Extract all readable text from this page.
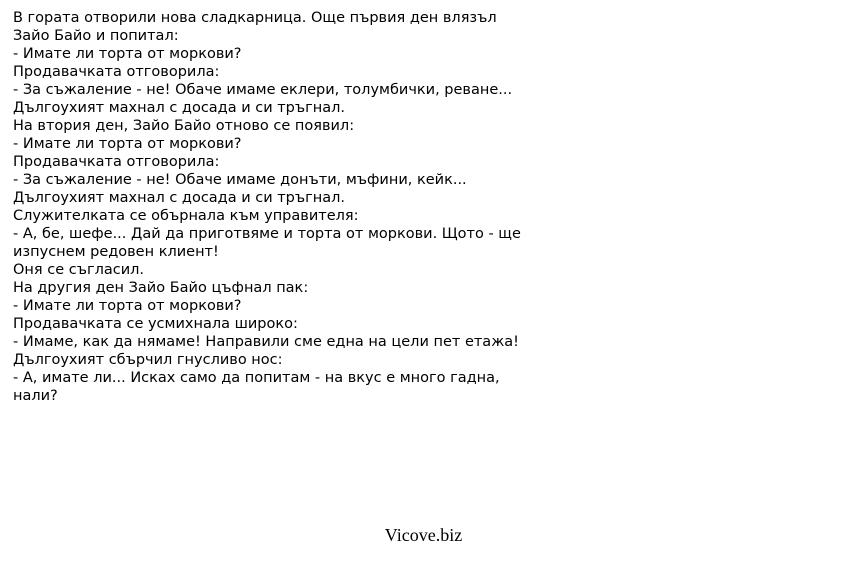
В гората отворили нова сладкарница. Още първия ден влязъл
Зайо Байо и попитал:
- Имате ли торта от моркови?
Продавачката отговорила:
- За съжаление - не! Обаче имаме еклери, толумбички, реване...
Дългоухият махнал с досада и си тръгнал.
На втория ден, Зайо Байо отново се появил:
- Имате ли торта от моркови?
Продавачката отговорила:
- За съжаление - не! Обаче имаме донъти, мъфини, кейк...
Дългоухият махнал с досада и си тръгнал.
Служителката се обърнала към управителя:
- А, бе, шефе... Дай да приготвяме и торта от моркови. Щото - ще
изпуснем редовен клиент!
Оня се съгласил.
На другия ден Зайо Байо цъфнал пак:
- Имате ли торта от моркови?
Продавачката се усмихнала широко:
- Имаме, как да нямаме! Направили сме една на цели пет етажа!
Дългоухият сбърчил гнусливо нос:
- А, имате ли... Исках само да попитам - на вкус е много гадна,
нали?
Vicove.biz
